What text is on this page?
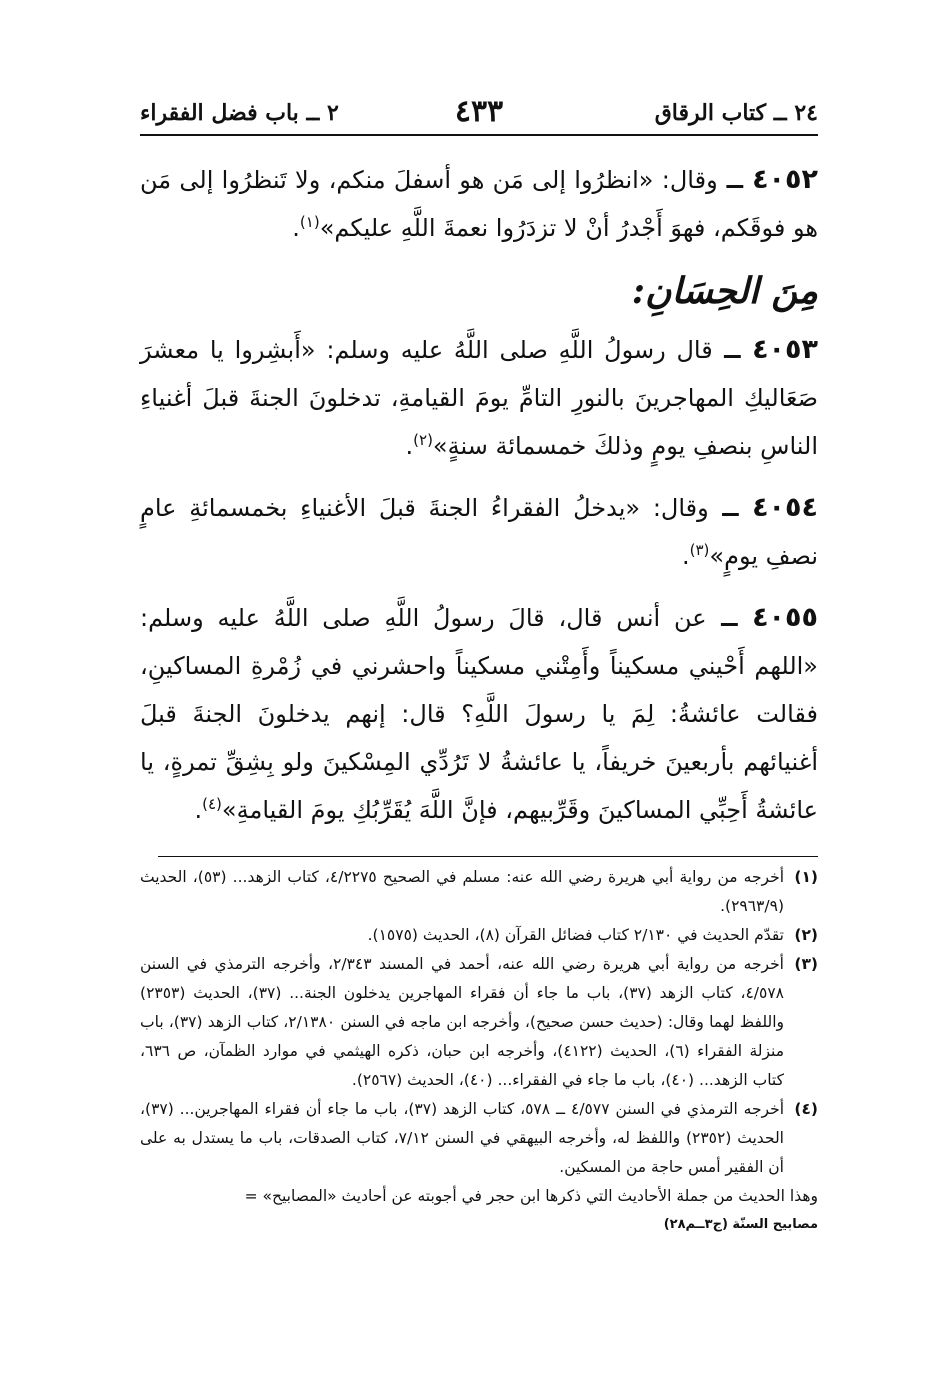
٢٤ ــ كتاب الرقاق
٤٣٣
٢ ــ باب فضل الفقراء

٤٠٥٢ ــ وقال: «انظرُوا إلى مَن هو أسفلَ منكم، ولا تَنظرُوا إلى مَن هو فوقَكم، فهوَ أَجْدرُ أنْ لا تزدَرُوا نعمةَ اللَّهِ عليكم»$^{(١)}$.

مِنَ الحِسَانِ:

٤٠٥٣ ــ قال رسولُ اللَّهِ صلى اللَّهُ عليه وسلم: «أَبشِروا يا معشرَ صَعَاليكِ المهاجرينَ بالنورِ التامِّ يومَ القيامةِ، تدخلونَ الجنةَ قبلَ أغنياءِ الناسِ بنصفِ يومٍ وذلكَ خمسمائة سنةٍ»$^{(٢)}$.

٤٠٥٤ ــ وقال: «يدخلُ الفقراءُ الجنةَ قبلَ الأغنياءِ بخمسمائةِ عامٍ نصفِ يومٍ»$^{(٣)}$.

٤٠٥٥ ــ عن أنس قال، قالَ رسولُ اللَّهِ صلى اللَّهُ عليه وسلم: «اللهم أَحْيني مسكيناً وأَمِتْني مسكيناً واحشرني في زُمْرةِ المساكينِ، فقالت عائشةُ: لِمَ يا رسولَ اللَّهِ؟ قال: إنهم يدخلونَ الجنةَ قبلَ أغنيائهم بأربعينَ خريفاً، يا عائشةُ لا تَرُدِّي المِسْكينَ ولو بِشِقِّ تمرةٍ، يا عائشةُ أَحِبِّي المساكينَ وقَرِّبيهم، فإنَّ اللَّهَ يُقَرِّبُكِ يومَ القيامةِ»$^{(٤)}$.

(١)
أخرجه من رواية أبي هريرة رضي الله عنه: مسلم في الصحيح ٤/٢٢٧٥، كتاب الزهد... (٥٣)، الحديث (٢٩٦٣/٩).
(٢)
تقدّم الحديث في ٢/١٣٠ كتاب فضائل القرآن (٨)، الحديث (١٥٧٥).
(٣)
أخرجه من رواية أبي هريرة رضي الله عنه، أحمد في المسند ٢/٣٤٣، وأخرجه الترمذي في السنن ٤/٥٧٨، كتاب الزهد (٣٧)، باب ما جاء أن فقراء المهاجرين يدخلون الجنة... (٣٧)، الحديث (٢٣٥٣) واللفظ لهما وقال: (حديث حسن صحيح)، وأخرجه ابن ماجه في السنن ٢/١٣٨٠، كتاب الزهد (٣٧)، باب منزلة الفقراء (٦)، الحديث (٤١٢٢)، وأخرجه ابن حبان، ذكره الهيثمي في موارد الظمآن، ص ٦٣٦، كتاب الزهد... (٤٠)، باب ما جاء في الفقراء... (٤٠)، الحديث (٢٥٦٧).
(٤)
أخرجه الترمذي في السنن ٤/٥٧٧ ــ ٥٧٨، كتاب الزهد (٣٧)، باب ما جاء أن فقراء المهاجرين... (٣٧)، الحديث (٢٣٥٢) واللفظ له، وأخرجه البيهقي في السنن ٧/١٢، كتاب الصدقات، باب ما يستدل به على أن الفقير أمس حاجة من المسكين.
وهذا الحديث من جملة الأحاديث التي ذكرها ابن حجر في أجوبته عن أحاديث «المصابيح» =
مصابيح السنّة (ج٣ــم٢٨)
